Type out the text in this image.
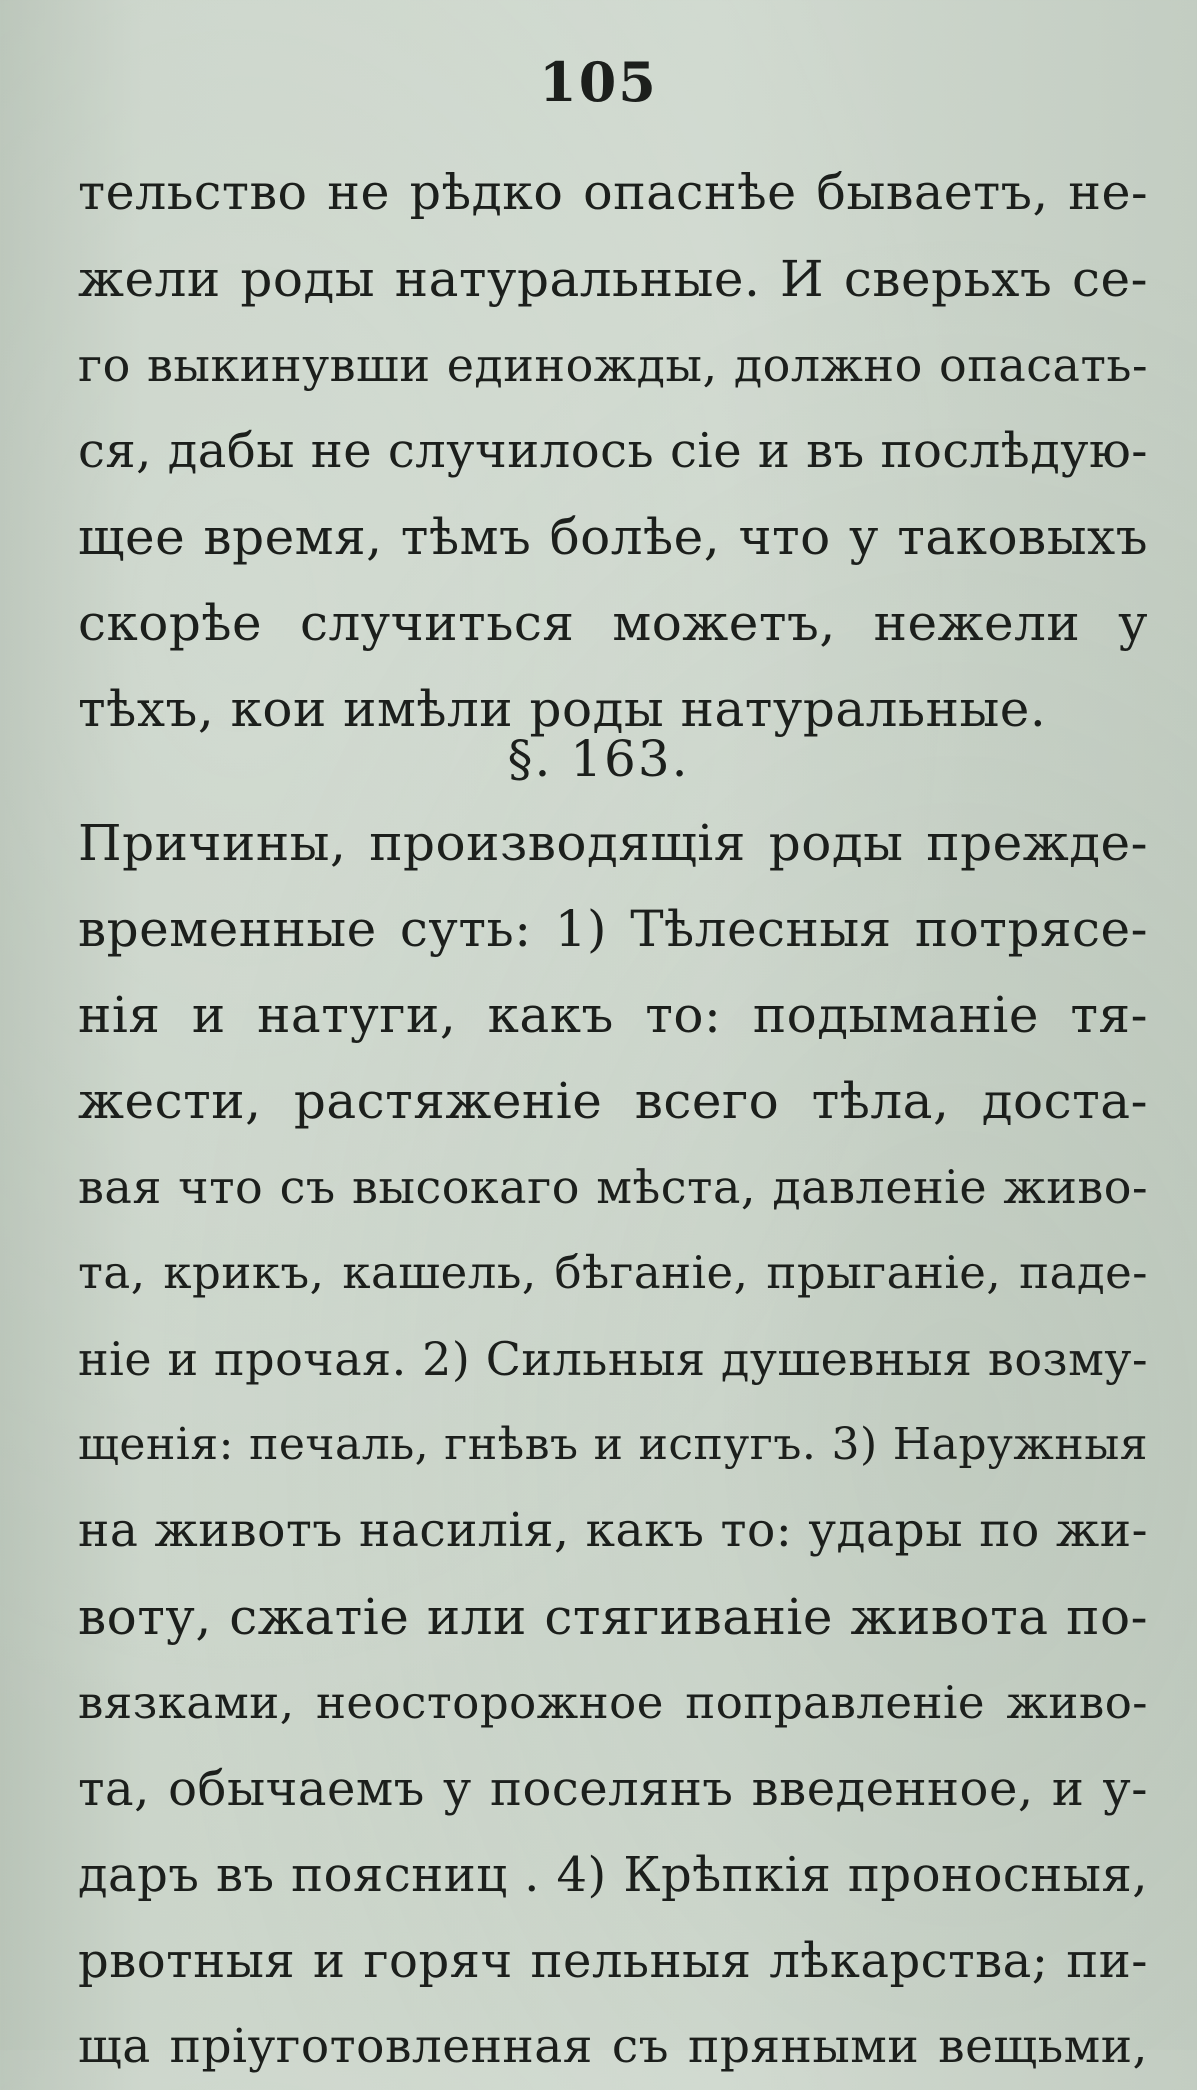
105
тельство не рѣдко опаснѣе бываетъ, не-
жели роды натуральные. И сверьхъ се-
го выкинувши единожды, должно опасать-
ся, дабы не случилось сіе и въ послѣдую-
щее время, тѣмъ болѣе, что у таковыхъ
скорѣе случиться можетъ, нежели у
тѣхъ, кои имѣли роды натуральные.
§. 163.
Причины, производящія роды прежде-
временные суть: 1) Тѣлесныя потрясе-
нія и натуги, какъ то: подыманіе тя-
жести, растяженіе всего тѣла, доста-
вая что съ высокаго мѣста, давленіе живо-
та, крикъ, кашель, бѣганіе, прыганіе, паде-
ніе и прочая. 2) Сильныя душевныя возму-
щенія: печаль, гнѣвъ и испугъ. 3) Наружныя
на животъ насилія, какъ то: удары по жи-
воту, сжатіе или стягиваніе живота по-
вязками, неосторожное поправленіе живо-
та, обычаемъ у поселянъ введенное, и у-
даръ въ поясниц . 4) Крѣпкія проносныя,
рвотныя и горяч пельныя лѣкарства; пи-
ща пріуготовленная съ пряными вещьми,
